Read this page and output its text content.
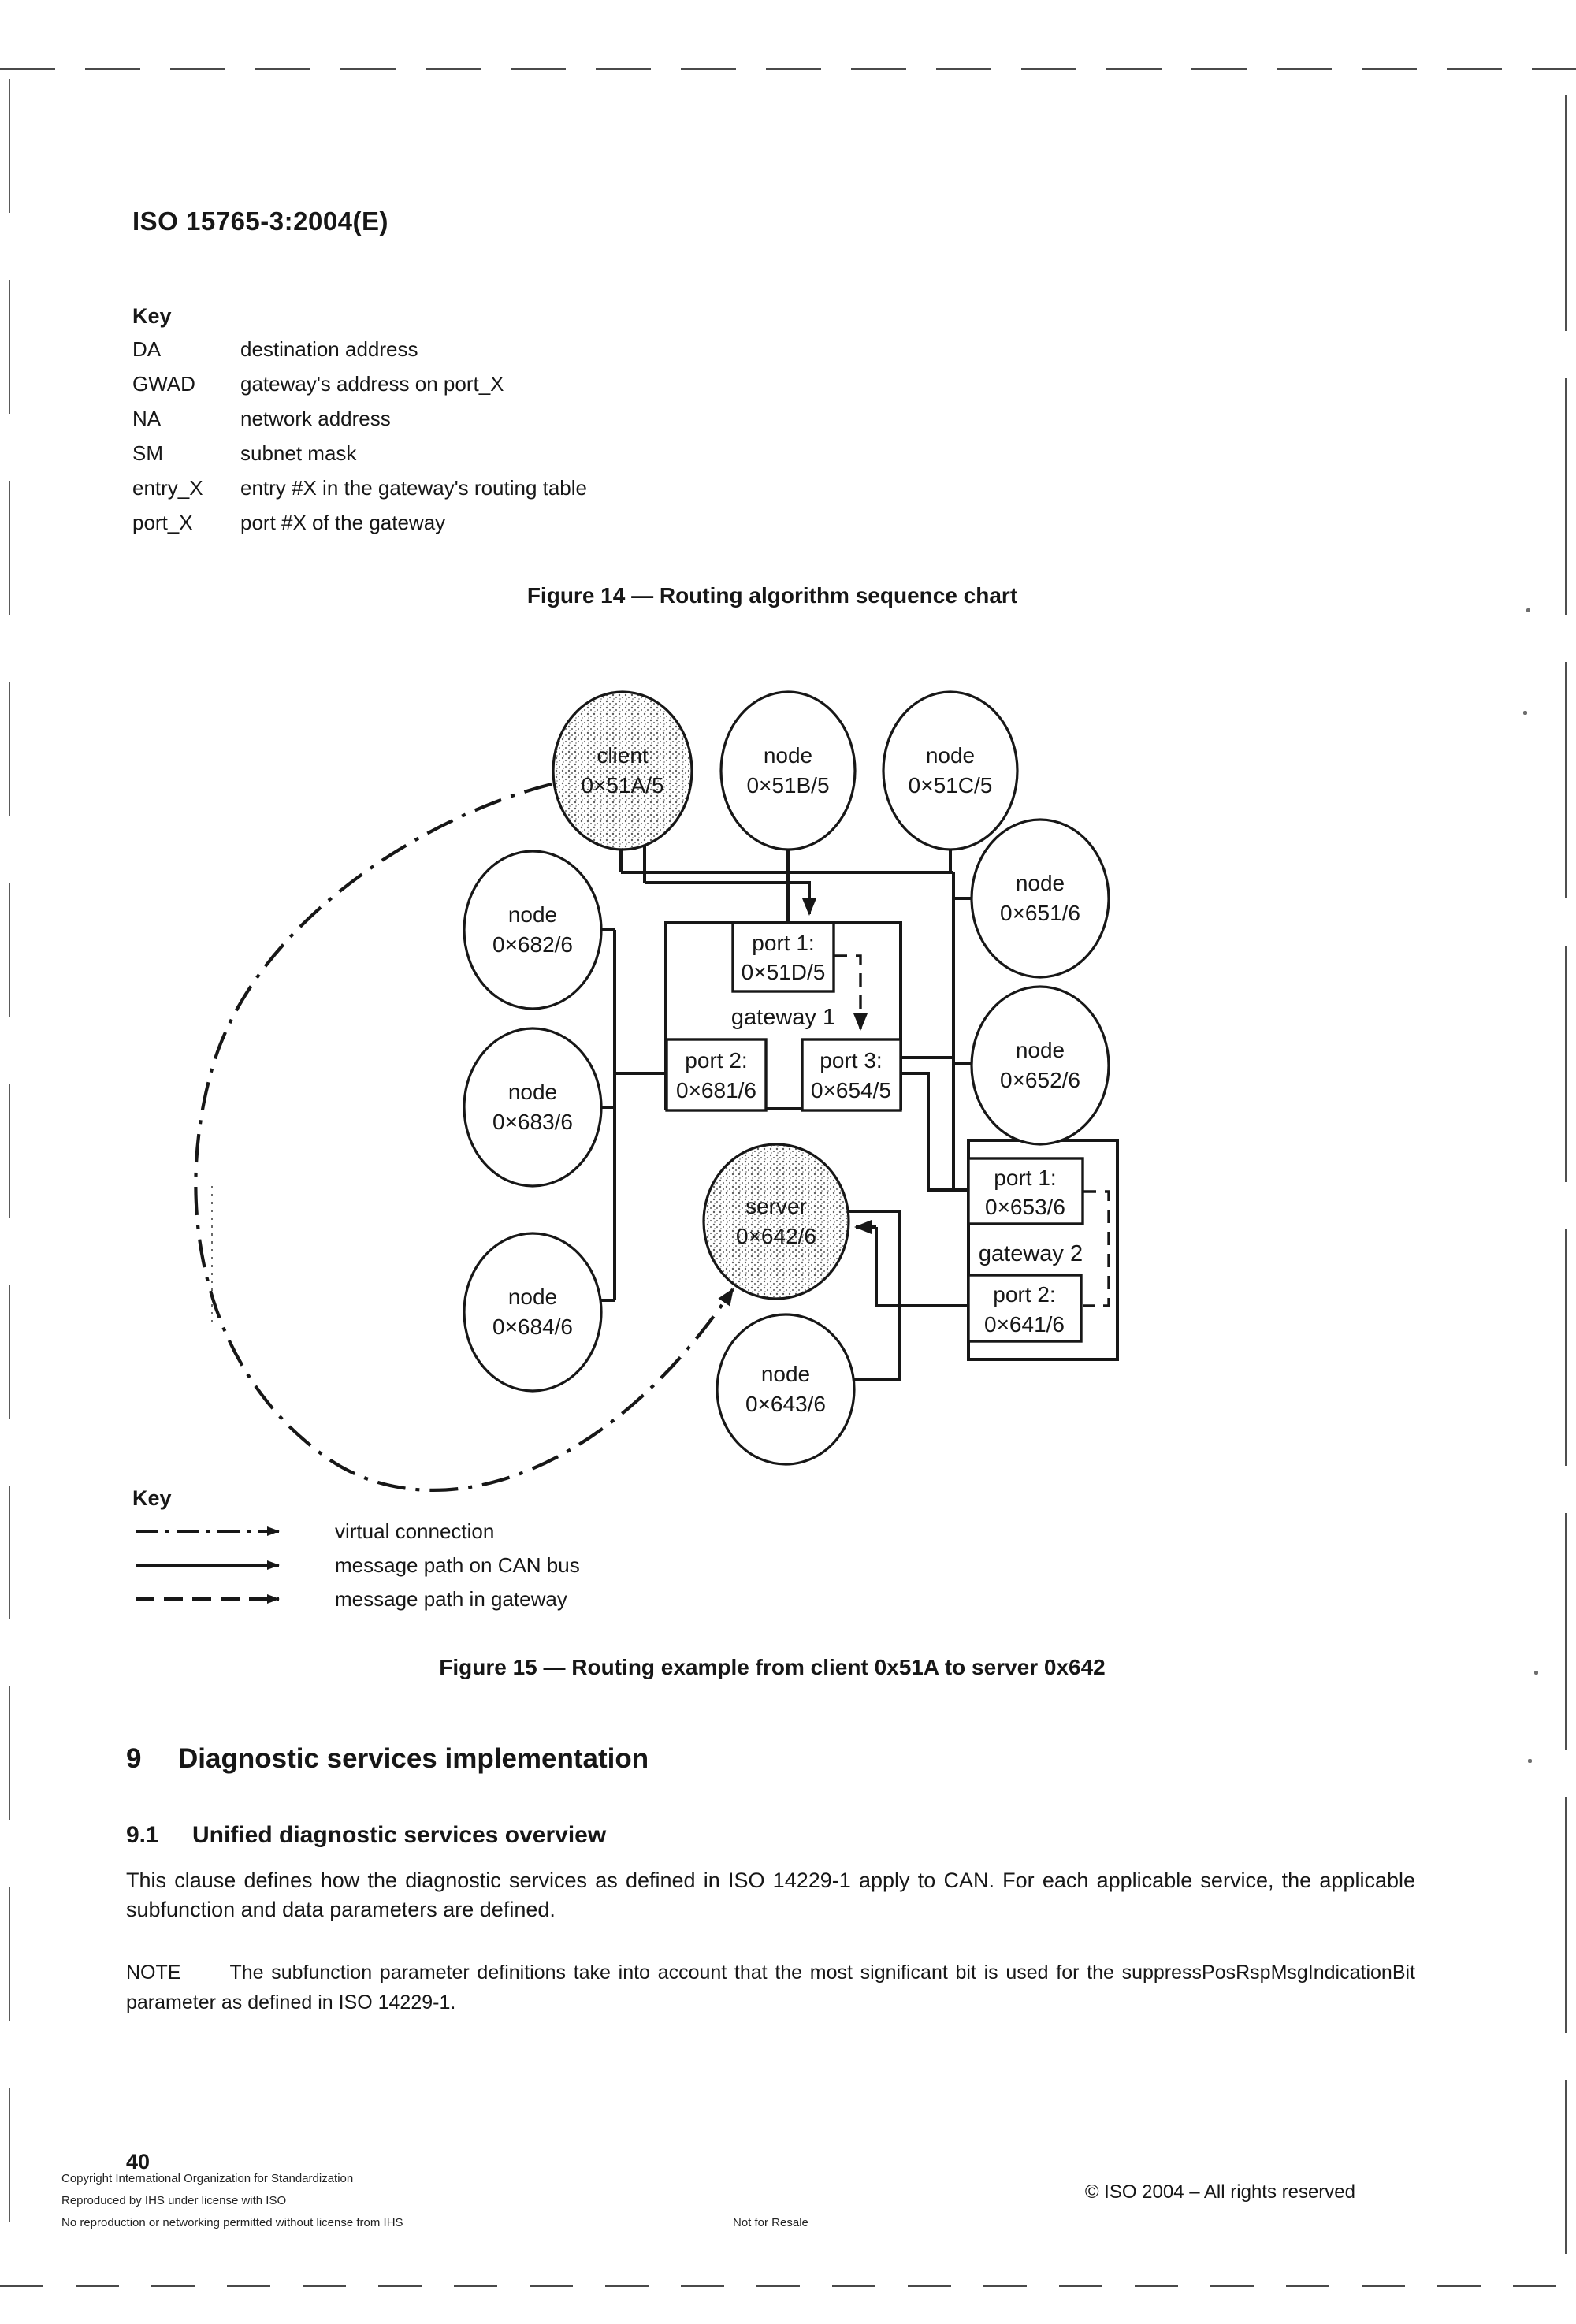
ISO 15765-3:2004(E)
Key
DA	destination address
GWAD gateway's address on port_X
NA	network address
SM	subnet mask
entry_X entry #X in the gateway's routing table
port_X port #X of the gateway
Figure 14 — Routing algorithm sequence chart
port 1:
0×51D/5
gateway 1
port 2:
0×681/6
port 3:
0×654/5
port 1:
0×653/6
gateway 2
port 2:
0×641/6
client
0×51A/5
node
0×51B/5
node
0×51C/5
node
0×682/6
node
0×683/6
node
0×684/6
node
0×651/6
node
0×652/6
server
0×642/6
node
0×643/6
Key
virtual connection
message path on CAN bus
message path in gateway
Figure 15 — Routing example from client 0x51A to server 0x642
9 Diagnostic services implementation
9.1 Unified diagnostic services overview
This clause defines how the diagnostic services as defined in ISO 14229-1 apply to CAN. For each applicable service, the applicable subfunction and data parameters are defined.
NOTE The subfunction parameter definitions take into account that the most significant bit is used for the suppressPosRspMsgIndicationBit parameter as defined in ISO 14229-1.
40
Copyright International Organization for Standardization
Reproduced by IHS under license with ISO
No reproduction or networking permitted without license from IHS	Not for Resale
© ISO 2004 – All rights reserved
